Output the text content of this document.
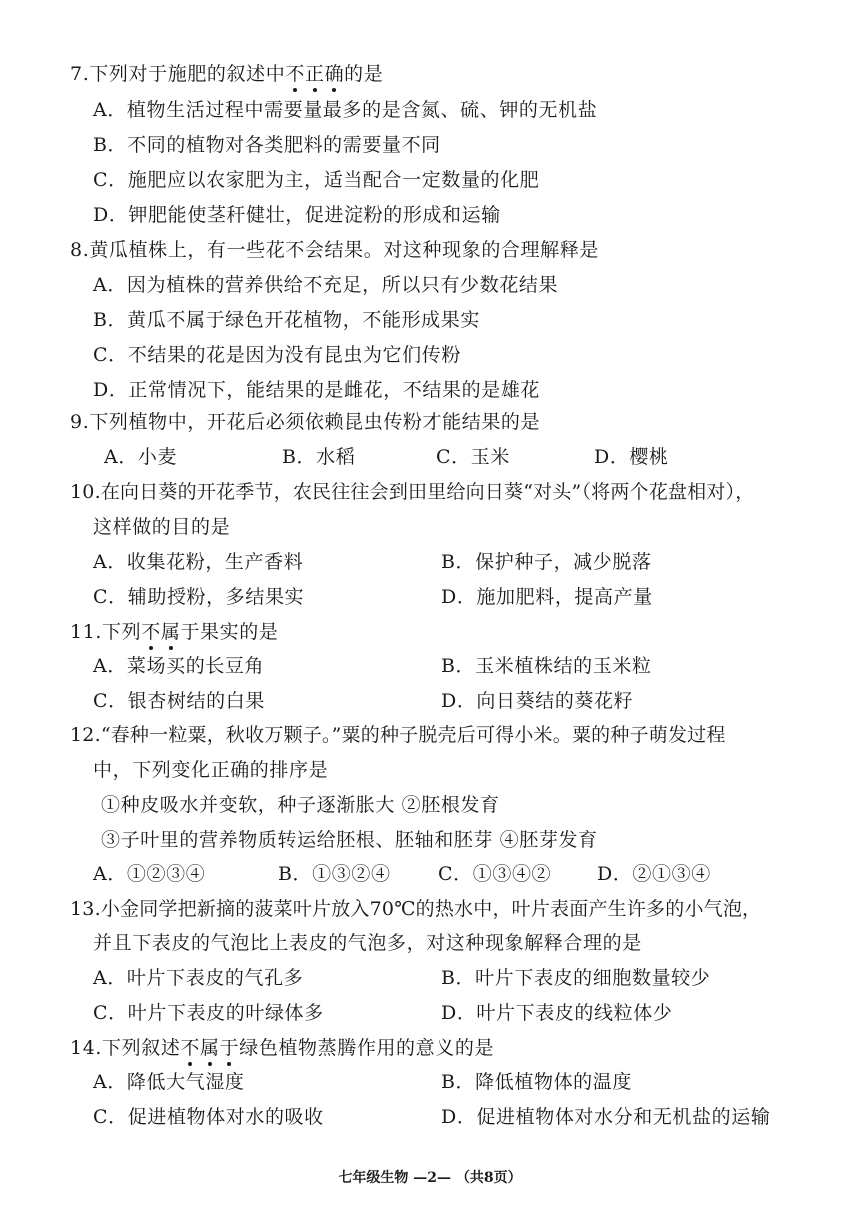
7.下列对于施肥的叙述中不正确的是
A．植物生活过程中需要量最多的是含氮、硫、钾的无机盐
B．不同的植物对各类肥料的需要量不同
C．施肥应以农家肥为主，适当配合一定数量的化肥
D．钾肥能使茎秆健壮，促进淀粉的形成和运输
8.黄瓜植株上，有一些花不会结果。对这种现象的合理解释是
A．因为植株的营养供给不充足，所以只有少数花结果
B．黄瓜不属于绿色开花植物，不能形成果实
C．不结果的花是因为没有昆虫为它们传粉
D．正常情况下，能结果的是雌花，不结果的是雄花
9.下列植物中，开花后必须依赖昆虫传粉才能结果的是
A．小麦	B．水稻	C．玉米	D．樱桃
10.在向日葵的开花季节，农民往往会到田里给向日葵“对头”（将两个花盘相对），
这样做的目的是
A．收集花粉，生产香料	B．保护种子，减少脱落
C．辅助授粉，多结果实	D．施加肥料，提高产量
11.下列不属于果实的是
A．菜场买的长豆角	B．玉米植株结的玉米粒
C．银杏树结的白果	D．向日葵结的葵花籽
12.“春种一粒粟，秋收万颗子。”粟的种子脱壳后可得小米。粟的种子萌发过程
中，下列变化正确的排序是
①种皮吸水并变软，种子逐渐胀大 ②胚根发育
③子叶里的营养物质转运给胚根、胚轴和胚芽 ④胚芽发育
A．①②③④	B．①③②④ C．①③④② D．②①③④
13.小金同学把新摘的菠菜叶片放入70℃的热水中，叶片表面产生许多的小气泡，
并且下表皮的气泡比上表皮的气泡多，对这种现象解释合理的是
A．叶片下表皮的气孔多	B．叶片下表皮的细胞数量较少
C．叶片下表皮的叶绿体多	D．叶片下表皮的线粒体少
14.下列叙述不属于绿色植物蒸腾作用的意义的是
A．降低大气湿度	B．降低植物体的温度
C．促进植物体对水的吸收	D．促进植物体对水分和无机盐的运输
七年级生物 —2— （共8页）
